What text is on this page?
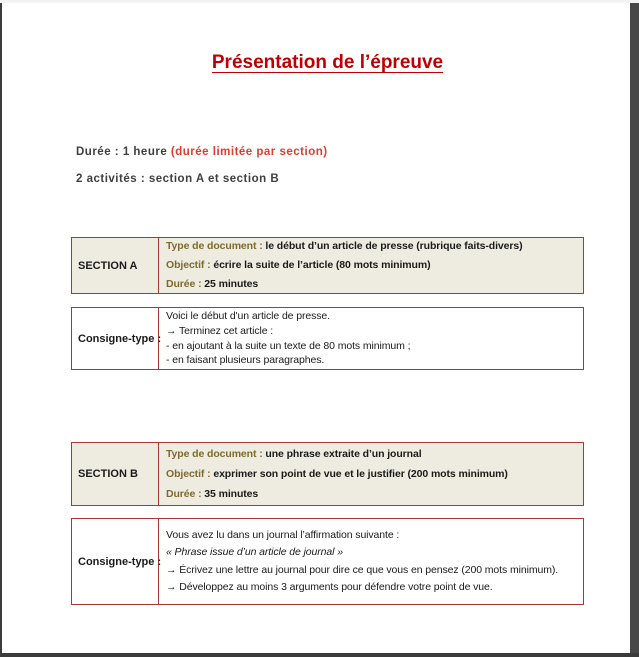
Présentation de l’épreuve
Durée : 1 heure (durée limitée par section)
2 activités : section A et section B
SECTION A
Type de document : le début d’un article de presse (rubrique faits-divers)
Objectif : écrire la suite de l’article (80 mots minimum)
Durée : 25 minutes
Consigne-type :
Voici le début d'un article de presse.
→ Terminez cet article :
- en ajoutant à la suite un texte de 80 mots minimum ;
- en faisant plusieurs paragraphes.
SECTION B
Type de document : une phrase extraite d’un journal
Objectif : exprimer son point de vue et le justifier (200 mots minimum)
Durée : 35 minutes
Consigne-type :
Vous avez lu dans un journal l’affirmation suivante :
« Phrase issue d’un article de journal »
→ Écrivez une lettre au journal pour dire ce que vous en pensez (200 mots minimum).
→ Développez au moins 3 arguments pour défendre votre point de vue.
